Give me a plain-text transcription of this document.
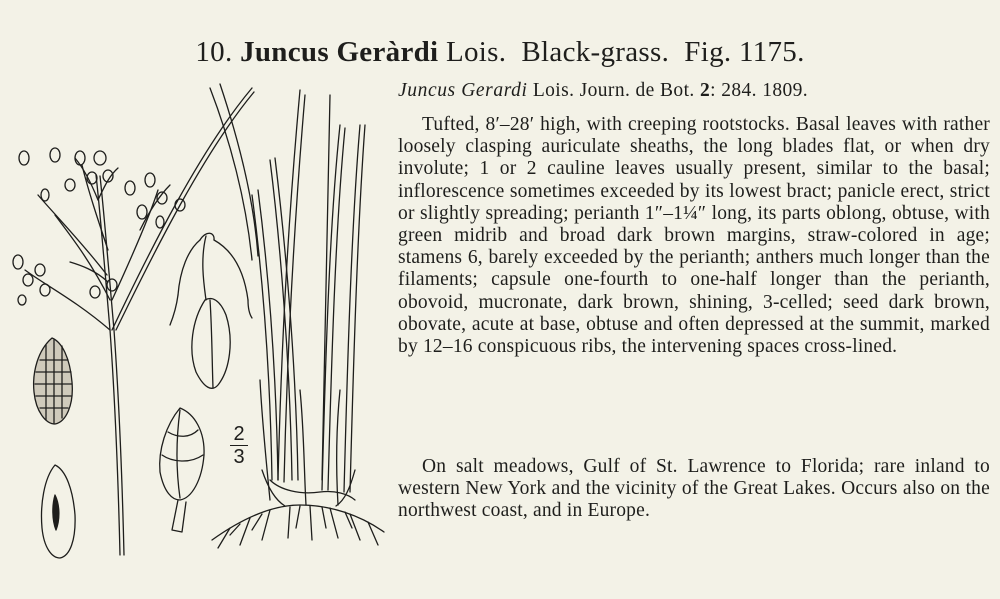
10. Juncus Geràrdi Lois. Black-grass. Fig. 1175.
Juncus Gerardi Lois. Journ. de Bot. 2: 284. 1809.

Tufted, 8′–28′ high, with creeping rootstocks. Basal leaves with rather loosely clasping auriculate sheaths, the long blades flat, or when dry involute; 1 or 2 cauline leaves usually present, similar to the basal; inflorescence sometimes exceeded by its lowest bract; panicle erect, strict or slightly spreading; perianth 1″–1¼″ long, its parts oblong, obtuse, with green midrib and broad dark brown margins, straw-colored in age; stamens 6, barely exceeded by the perianth; anthers much longer than the filaments; capsule one-fourth to one-half longer than the perianth, obovoid, mucronate, dark brown, shining, 3-celled; seed dark brown, obovate, acute at base, obtuse and often depressed at the summit, marked by 12–16 conspicuous ribs, the intervening spaces cross-lined.

On salt meadows, Gulf of St. Lawrence to Florida; rare inland to western New York and the vicinity of the Great Lakes. Occurs also on the northwest coast, and in Europe.

2
3
